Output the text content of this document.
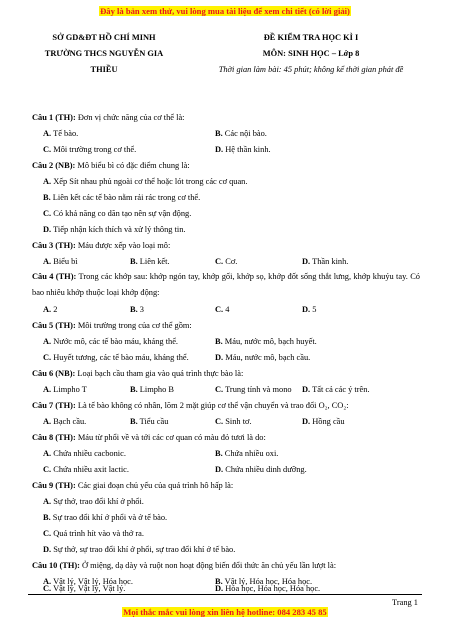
Đây là bản xem thử, vui lòng mua tài liệu để xem chi tiết (có lời giải)
SỞ GD&ĐT HỒ CHÍ MINH
TRƯỜNG THCS NGUYỄN GIA
THIỀU
ĐỀ KIỂM TRA HỌC KÌ I
MÔN: SINH HỌC – Lớp 8
Thời gian làm bài: 45 phút; không kể thời gian phát đề
Câu 1 (TH): Đơn vị chức năng của cơ thể là:
A. Tế bào.	B. Các nội bào.
C. Môi trường trong cơ thể.	D. Hệ thần kinh.
Câu 2 (NB): Mô biểu bì có đặc điểm chung là:
A. Xếp Sít nhau phủ ngoài cơ thể hoặc lót trong các cơ quan.
B. Liên kết các tế bào nằm rải rác trong cơ thể.
C. Có khả năng co dãn tạo nên sự vận động.
D. Tiếp nhận kích thích và xử lý thông tin.
Câu 3 (TH): Máu được xếp vào loại mô:
A. Biểu bì	B. Liên kết.	C. Cơ.	D. Thần kinh.
Câu 4 (TH): Trong các khớp sau: khớp ngón tay, khớp gối, khớp sọ, khớp đốt sống thắt lưng, khớp khuỷu tay. Có bao nhiêu khớp thuộc loại khớp động:
A. 2	B. 3	C. 4	D. 5
Câu 5 (TH): Môi trường trong của cơ thể gồm:
A. Nước mô, các tế bào máu, kháng thể.	B. Máu, nước mô, bạch huyết.
C. Huyết tương, các tế bào máu, kháng thể.	D. Máu, nước mô, bạch cầu.
Câu 6 (NB): Loại bạch cầu tham gia vào quá trình thực bào là:
A. Limpho T	B. Limpho B	C. Trung tính và mono D. Tất cả các ý trên.
Câu 7 (TH): Là tế bào không có nhân, lõm 2 mặt giúp cơ thể vận chuyển và trao đổi O₂, CO₂:
A. Bạch cầu.	B. Tiểu cầu	C. Sinh tơ.	D. Hồng cầu
Câu 8 (TH): Máu từ phổi về và tới các cơ quan có màu đỏ tươi là do:
A. Chứa nhiều cacbonic.	B. Chứa nhiều oxi.
C. Chứa nhiều axit lactic.	D. Chứa nhiều dinh dưỡng.
Câu 9 (TH): Các giai đoạn chủ yếu của quá trình hô hấp là:
A. Sự thở, trao đổi khí ở phổi.
B. Sự trao đổi khí ở phổi và ở tế bào.
C. Quá trình hít vào và thở ra.
D. Sự thở, sự trao đổi khí ở phổi, sự trao đổi khí ở tế bào.
Câu 10 (TH): Ở miệng, dạ dày và ruột non hoạt động biến đổi thức ăn chủ yếu lần lượt là:
A. Vật lý, Vật lý, Hóa học.	B. Vật lý, Hóa học, Hóa học.
C. Vật lý, Vật lý, Vật lý.	D. Hóa học, Hóa học, Hóa học.
Trang 1
Mọi thắc mắc vui lòng xin liên hệ hotline: 084 283 45 85
